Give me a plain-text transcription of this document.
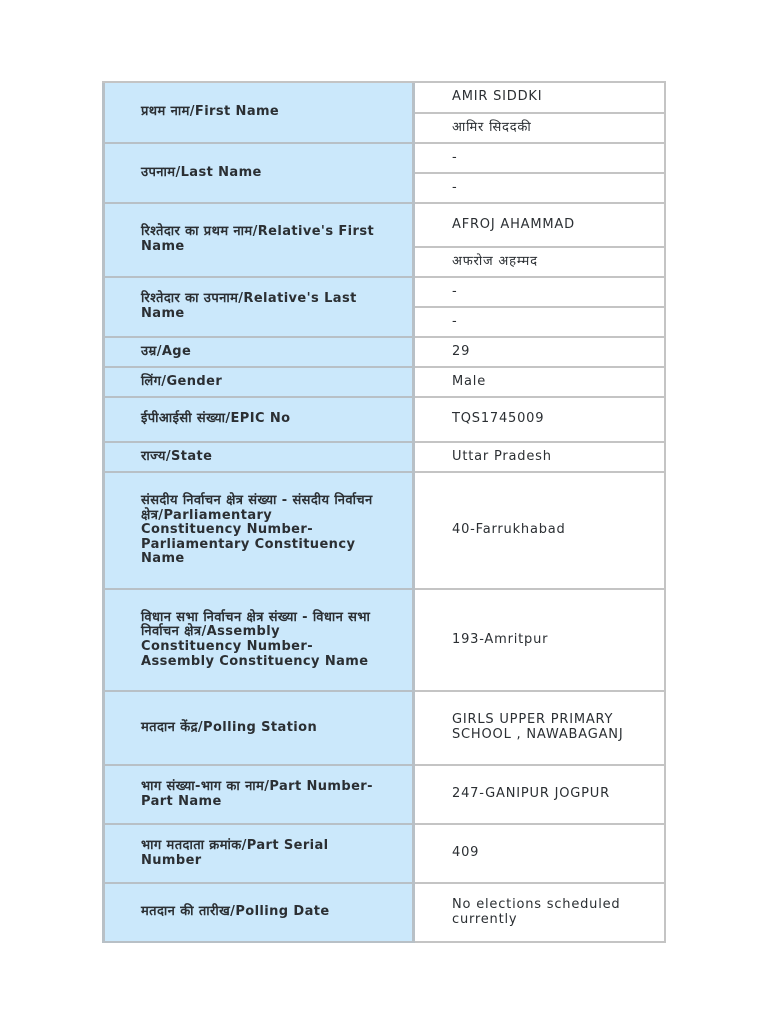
प्रथम नाम/First Name	AMIR SIDDKI
	आमिर सिददकी
उपनाम/Last Name	-
	-
रिश्तेदार का प्रथम नाम/Relative's First Name	AFROJ AHAMMAD
	अफरोज अहम्मद
रिश्तेदार का उपनाम/Relative's Last Name	-
	-
उम्र/Age	29
लिंग/Gender	Male
ईपीआईसी संख्या/EPIC No	TQS1745009
राज्य/State	Uttar Pradesh
संसदीय निर्वाचन क्षेत्र संख्या - संसदीय निर्वाचन क्षेत्र/Parliamentary Constituency Number-Parliamentary Constituency Name	40-Farrukhabad
विधान सभा निर्वाचन क्षेत्र संख्या - विधान सभा निर्वाचन क्षेत्र/Assembly Constituency Number-Assembly Constituency Name	193-Amritpur
मतदान केंद्र/Polling Station	GIRLS UPPER PRIMARY SCHOOL , NAWABAGANJ
भाग संख्या-भाग का नाम/Part Number-Part Name	247-GANIPUR JOGPUR
भाग मतदाता क्रमांक/Part Serial Number	409
मतदान की तारीख/Polling Date	No elections scheduled currently
